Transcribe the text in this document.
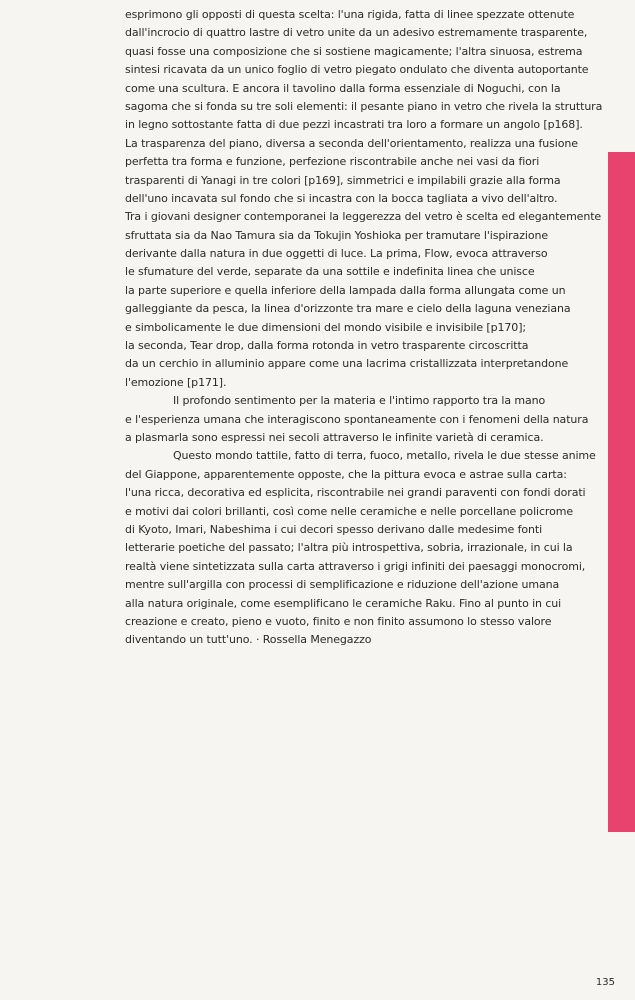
esprimono gli opposti di questa scelta: l'una rigida, fatta di linee spezzate ottenute
dall'incrocio di quattro lastre di vetro unite da un adesivo estremamente trasparente,
quasi fosse una composizione che si sostiene magicamente; l'altra sinuosa, estrema
sintesi ricavata da un unico foglio di vetro piegato ondulato che diventa autoportante
come una scultura. E ancora il tavolino dalla forma essenziale di Noguchi, con la
sagoma che si fonda su tre soli elementi: il pesante piano in vetro che rivela la struttura
in legno sottostante fatta di due pezzi incastrati tra loro a formare un angolo [p168].
La trasparenza del piano, diversa a seconda dell'orientamento, realizza una fusione
perfetta tra forma e funzione, perfezione riscontrabile anche nei vasi da fiori
trasparenti di Yanagi in tre colori [p169], simmetrici e impilabili grazie alla forma
dell'uno incavata sul fondo che si incastra con la bocca tagliata a vivo dell'altro.
Tra i giovani designer contemporanei la leggerezza del vetro è scelta ed elegantemente
sfruttata sia da Nao Tamura sia da Tokujin Yoshioka per tramutare l'ispirazione
derivante dalla natura in due oggetti di luce. La prima, Flow, evoca attraverso
le sfumature del verde, separate da una sottile e indefinita linea che unisce
la parte superiore e quella inferiore della lampada dalla forma allungata come un
galleggiante da pesca, la linea d'orizzonte tra mare e cielo della laguna veneziana
e simbolicamente le due dimensioni del mondo visibile e invisibile [p170];
la seconda, Tear drop, dalla forma rotonda in vetro trasparente circoscritta
da un cerchio in alluminio appare come una lacrima cristallizzata interpretandone
l'emozione [p171].
Il profondo sentimento per la materia e l'intimo rapporto tra la mano
e l'esperienza umana che interagiscono spontaneamente con i fenomeni della natura
a plasmarla sono espressi nei secoli attraverso le infinite varietà di ceramica.
Questo mondo tattile, fatto di terra, fuoco, metallo, rivela le due stesse anime
del Giappone, apparentemente opposte, che la pittura evoca e astrae sulla carta:
l'una ricca, decorativa ed esplicita, riscontrabile nei grandi paraventi con fondi dorati
e motivi dai colori brillanti, così come nelle ceramiche e nelle porcellane policrome
di Kyoto, Imari, Nabeshima i cui decori spesso derivano dalle medesime fonti
letterarie poetiche del passato; l'altra più introspettiva, sobria, irrazionale, in cui la
realtà viene sintetizzata sulla carta attraverso i grigi infiniti dei paesaggi monocromi,
mentre sull'argilla con processi di semplificazione e riduzione dell'azione umana
alla natura originale, come esemplificano le ceramiche Raku. Fino al punto in cui
creazione e creato, pieno e vuoto, finito e non finito assumono lo stesso valore
diventando un tutt'uno. · Rossella Menegazzo
135
